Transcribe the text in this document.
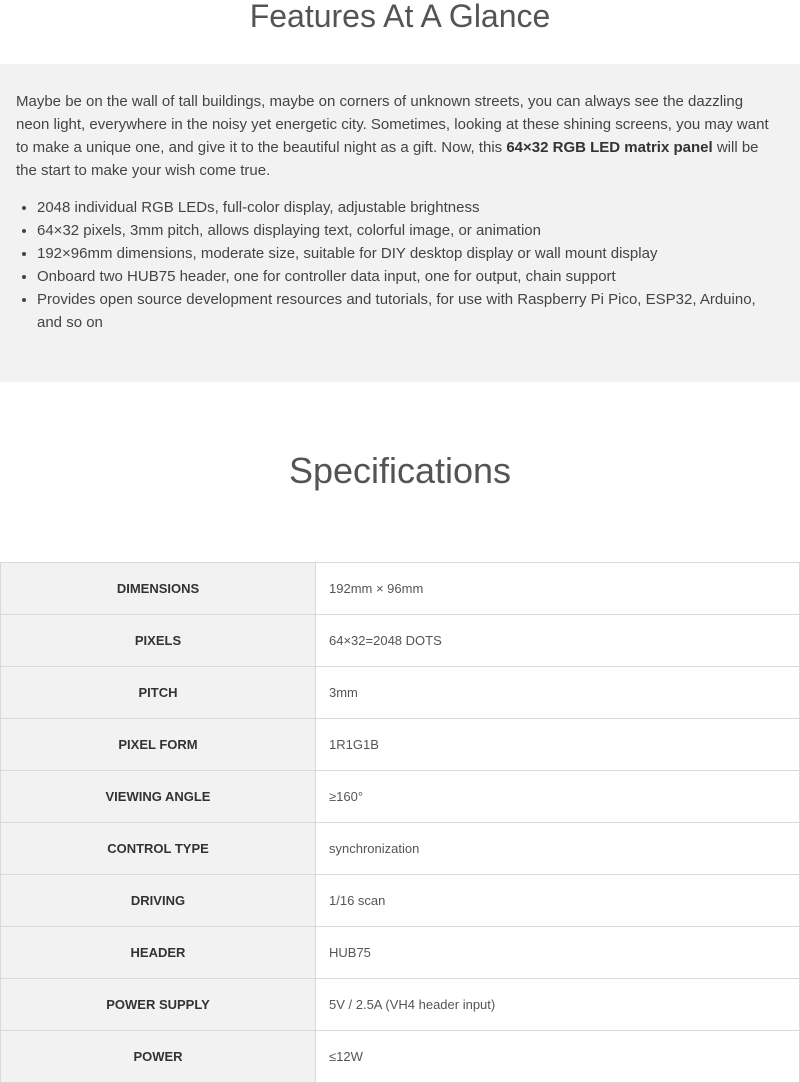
Features At A Glance

Maybe be on the wall of tall buildings, maybe on corners of unknown streets, you can always see the dazzling neon light, everywhere in the noisy yet energetic city. Sometimes, looking at these shining screens, you may want to make a unique one, and give it to the beautiful night as a gift. Now, this 64×32 RGB LED matrix panel will be the start to make your wish come true.

• 2048 individual RGB LEDs, full-color display, adjustable brightness
• 64×32 pixels, 3mm pitch, allows displaying text, colorful image, or animation
• 192×96mm dimensions, moderate size, suitable for DIY desktop display or wall mount display
• Onboard two HUB75 header, one for controller data input, one for output, chain support
• Provides open source development resources and tutorials, for use with Raspberry Pi Pico, ESP32, Arduino, and so on
Specifications
DIMENSIONS	192mm × 96mm
PIXELS	64×32=2048 DOTS
PITCH	3mm
PIXEL FORM	1R1G1B
VIEWING ANGLE	≥160°
CONTROL TYPE	synchronization
DRIVING	1/16 scan
HEADER	HUB75
POWER SUPPLY	5V / 2.5A (VH4 header input)
POWER	≤12W
